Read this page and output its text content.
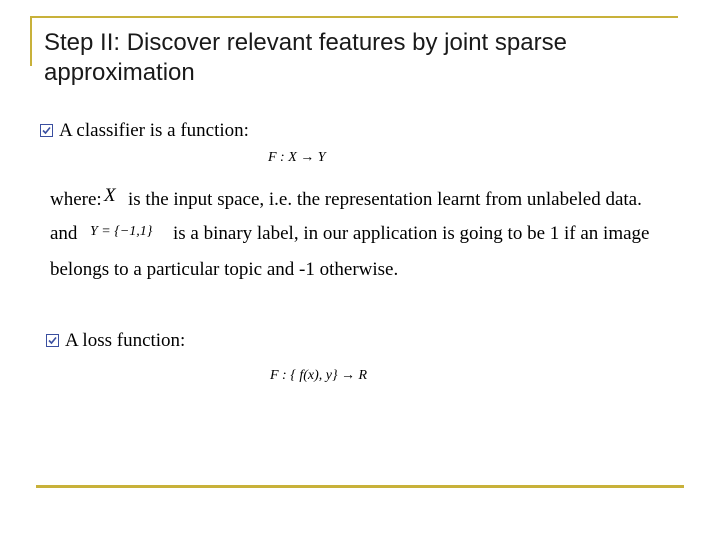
Step II: Discover relevant features by joint sparse approximation
A classifier is a function:
F : X → Y
where: X is the input space, i.e. the representation learnt from unlabeled data.
and Y = {−1,1} is a binary label, in our application is going to be 1 if an image
belongs to a particular topic and -1 otherwise.
A loss function:
F : { f(x), y} → R
